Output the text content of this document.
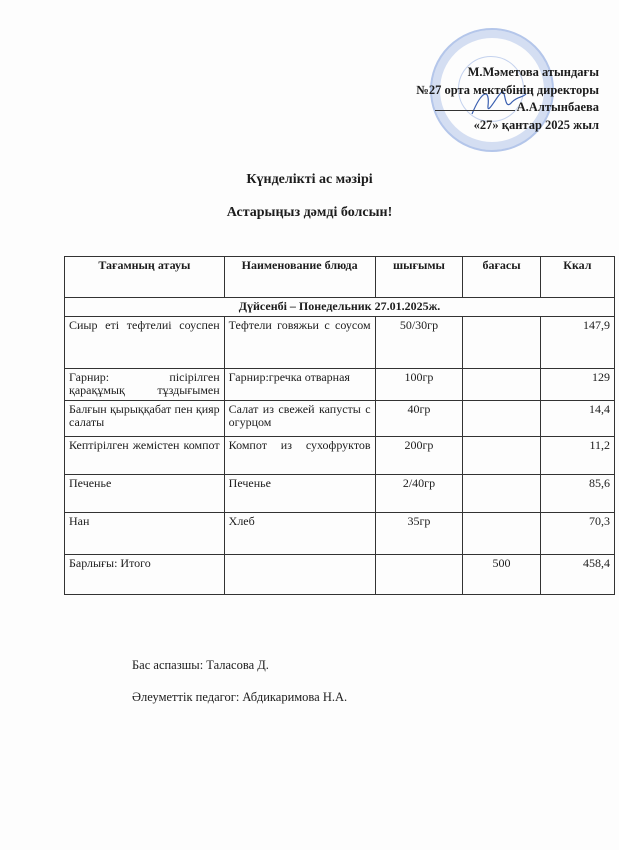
М.Мәметова атындағы
№27 орта мектебінің директоры
А.Алтынбаева
«27» қантар 2025 жыл
Күнделікті ас мәзірі
Астарыңыз дәмді болсын!
Тағамның атауы	Наименование блюда	шығымы	бағасы	Ккал
Дүйсенбі – Понедельник 27.01.2025ж.				
Сиыр еті тефтелиі соуспен	Тефтели говяжьи с соусом	50/30гр		147,9
Гарнир: пісірілген қарақұмық тұздығымен	Гарнир:гречка отварная	100гр		129
Балғын қырыққабат пен қияр салаты	Салат из свежей капусты с огурцом	40гр		14,4
Кептірілген жемістен компот	Компот из сухофруктов	200гр		11,2
Печенье	Печенье	2/40гр		85,6
Нан	Хлеб	35гр		70,3
Барлығы: Итого			500	458,4
Бас аспазшы: Таласова Д.
Әлеуметтік педагог: Абдикаримова Н.А.
